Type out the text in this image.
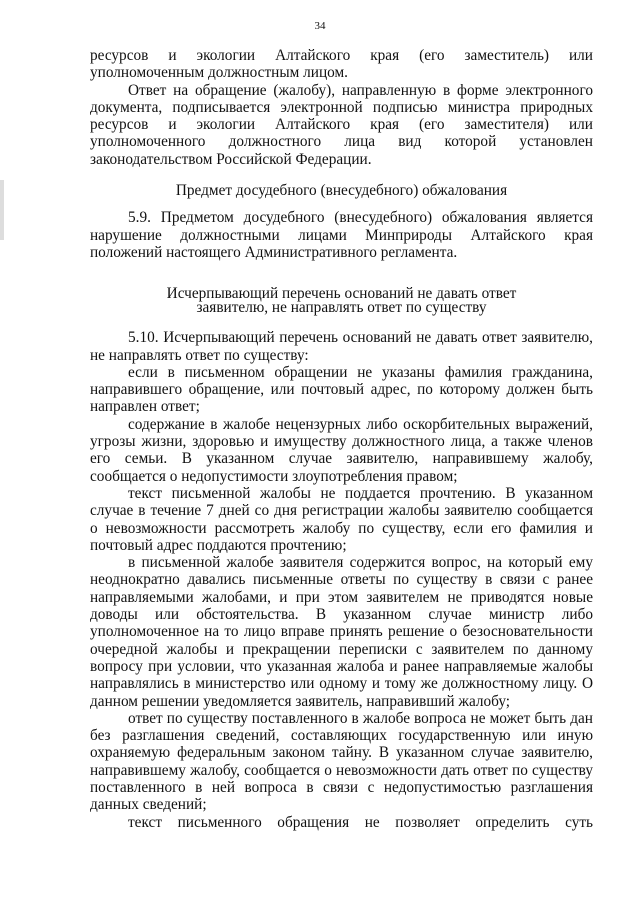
34

ресурсов и экологии Алтайского края (его заместитель) или уполномоченным должностным лицом.

Ответ на обращение (жалобу), направленную в форме электронного документа, подписывается электронной подписью министра природных ресурсов и экологии Алтайского края (его заместителя) или уполномоченного должностного лица вид которой установлен законодательством Российской Федерации.

Предмет досудебного (внесудебного) обжалования

5.9. Предметом досудебного (внесудебного) обжалования является нарушение должностными лицами Минприроды Алтайского края положений настоящего Административного регламента.

Исчерпывающий перечень оснований не давать ответ

заявителю, не направлять ответ по существу

5.10. Исчерпывающий перечень оснований не давать ответ заявителю, не направлять ответ по существу:

если в письменном обращении не указаны фамилия гражданина, направившего обращение, или почтовый адрес, по которому должен быть направлен ответ;

содержание в жалобе нецензурных либо оскорбительных выражений, угрозы жизни, здоровью и имуществу должностного лица, а также членов его семьи. В указанном случае заявителю, направившему жалобу, сообщается о недопустимости злоупотребления правом;

текст письменной жалобы не поддается прочтению. В указанном случае в течение 7 дней со дня регистрации жалобы заявителю сообщается о невозможности рассмотреть жалобу по существу, если его фамилия и почтовый адрес поддаются прочтению;

в письменной жалобе заявителя содержится вопрос, на который ему неоднократно давались письменные ответы по существу в связи с ранее направляемыми жалобами, и при этом заявителем не приводятся новые доводы или обстоятельства. В указанном случае министр либо уполномоченное на то лицо вправе принять решение о безосновательности очередной жалобы и прекращении переписки с заявителем по данному вопросу при условии, что указанная жалоба и ранее направляемые жалобы направлялись в министерство или одному и тому же должностному лицу. О данном решении уведомляется заявитель, направивший жалобу;

ответ по существу поставленного в жалобе вопроса не может быть дан без разглашения сведений, составляющих государственную или иную охраняемую федеральным законом тайну. В указанном случае заявителю, направившему жалобу, сообщается о невозможности дать ответ по существу поставленного в ней вопроса в связи с недопустимостью разглашения данных сведений;

текст письменного обращения не позволяет определить суть
